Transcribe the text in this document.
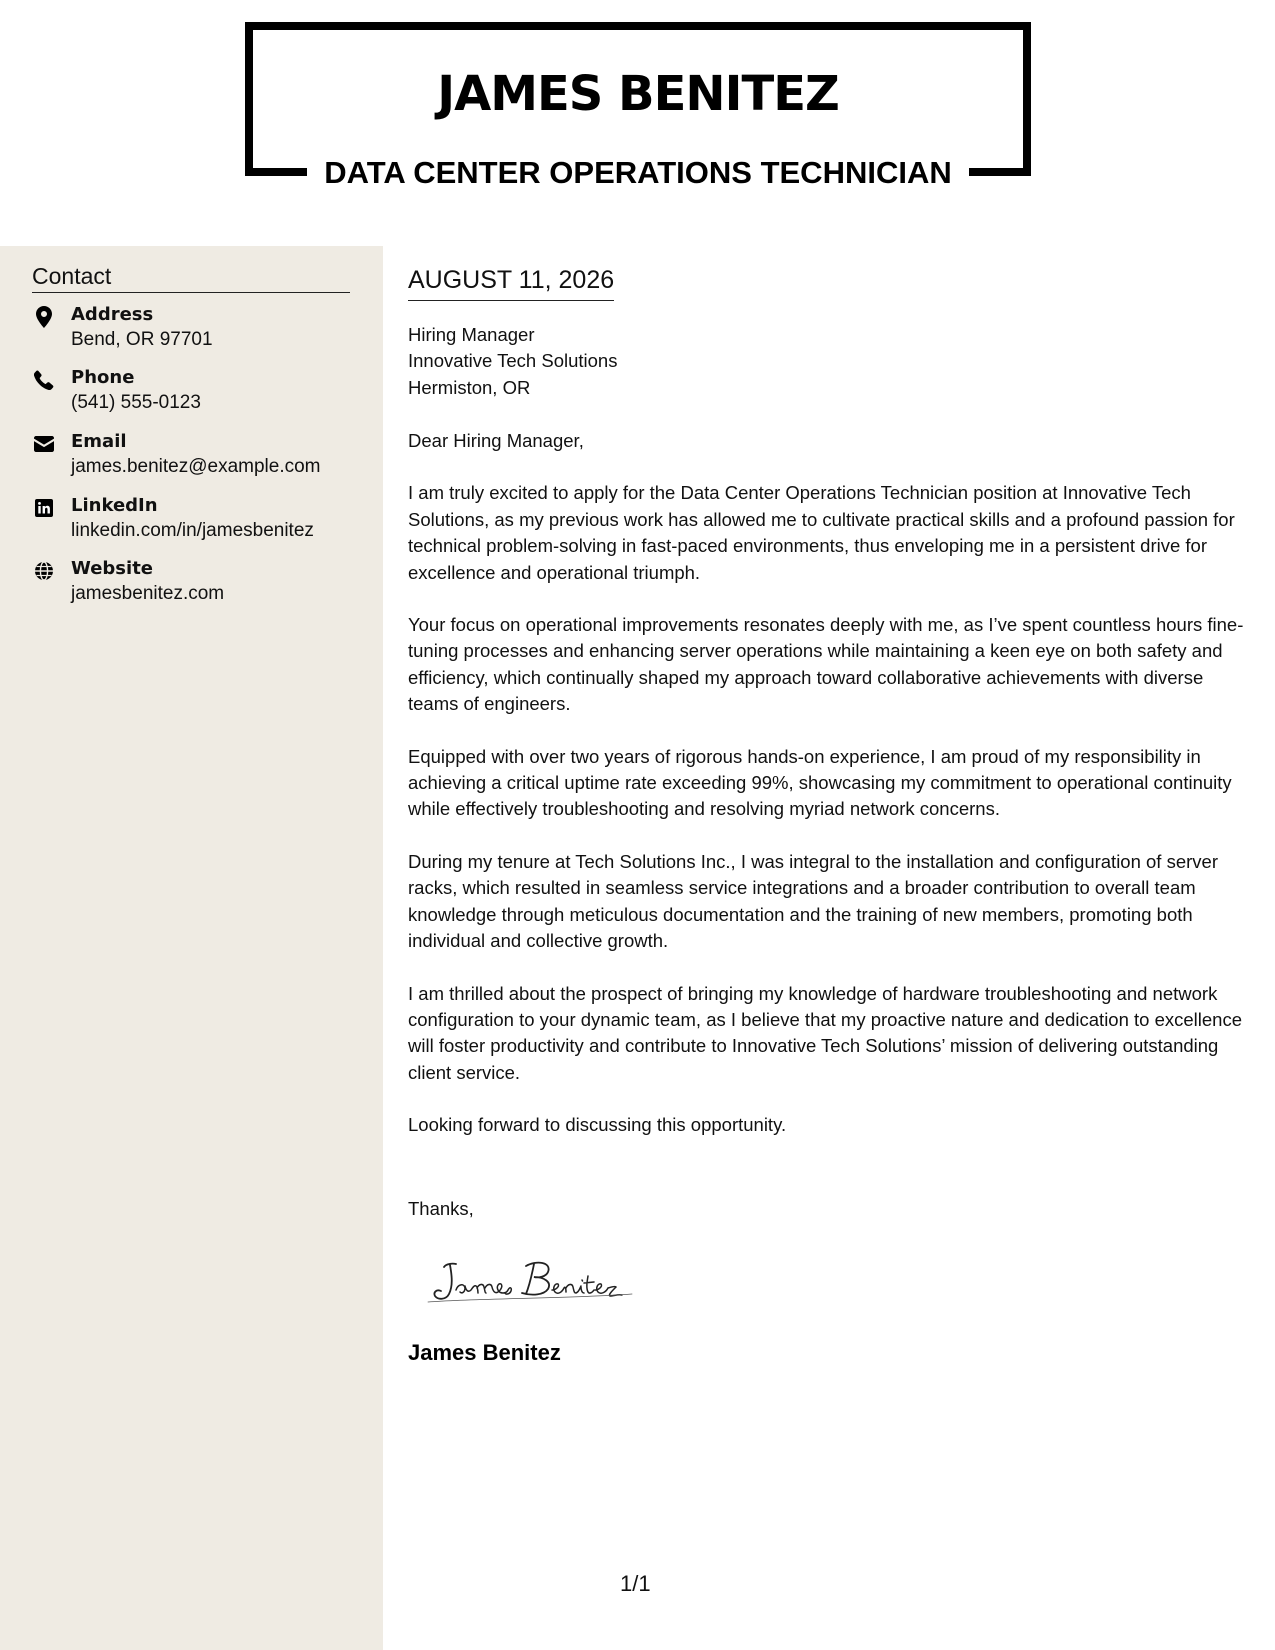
JAMES BENITEZ
DATA CENTER OPERATIONS TECHNICIAN
Contact
Address
Bend, OR 97701
Phone
(541) 555-0123
Email
james.benitez@example.com
LinkedIn
linkedin.com/in/jamesbenitez
Website
jamesbenitez.com
AUGUST 11, 2026
Hiring Manager
Innovative Tech Solutions
Hermiston, OR

Dear Hiring Manager,

I am truly excited to apply for the Data Center Operations Technician position at Innovative Tech Solutions, as my previous work has allowed me to cultivate practical skills and a profound passion for technical problem-solving in fast-paced environments, thus enveloping me in a persistent drive for excellence and operational triumph.

Your focus on operational improvements resonates deeply with me, as I’ve spent countless hours fine-tuning processes and enhancing server operations while maintaining a keen eye on both safety and efficiency, which continually shaped my approach toward collaborative achievements with diverse teams of engineers.

Equipped with over two years of rigorous hands-on experience, I am proud of my responsibility in achieving a critical uptime rate exceeding 99%, showcasing my commitment to operational continuity while effectively troubleshooting and resolving myriad network concerns.

During my tenure at Tech Solutions Inc., I was integral to the installation and configuration of server racks, which resulted in seamless service integrations and a broader contribution to overall team knowledge through meticulous documentation and the training of new members, promoting both individual and collective growth.

I am thrilled about the prospect of bringing my knowledge of hardware troubleshooting and network configuration to your dynamic team, as I believe that my proactive nature and dedication to excellence will foster productivity and contribute to Innovative Tech Solutions’ mission of delivering outstanding client service.

Looking forward to discussing this opportunity.

Thanks,
James Benitez
1/1
